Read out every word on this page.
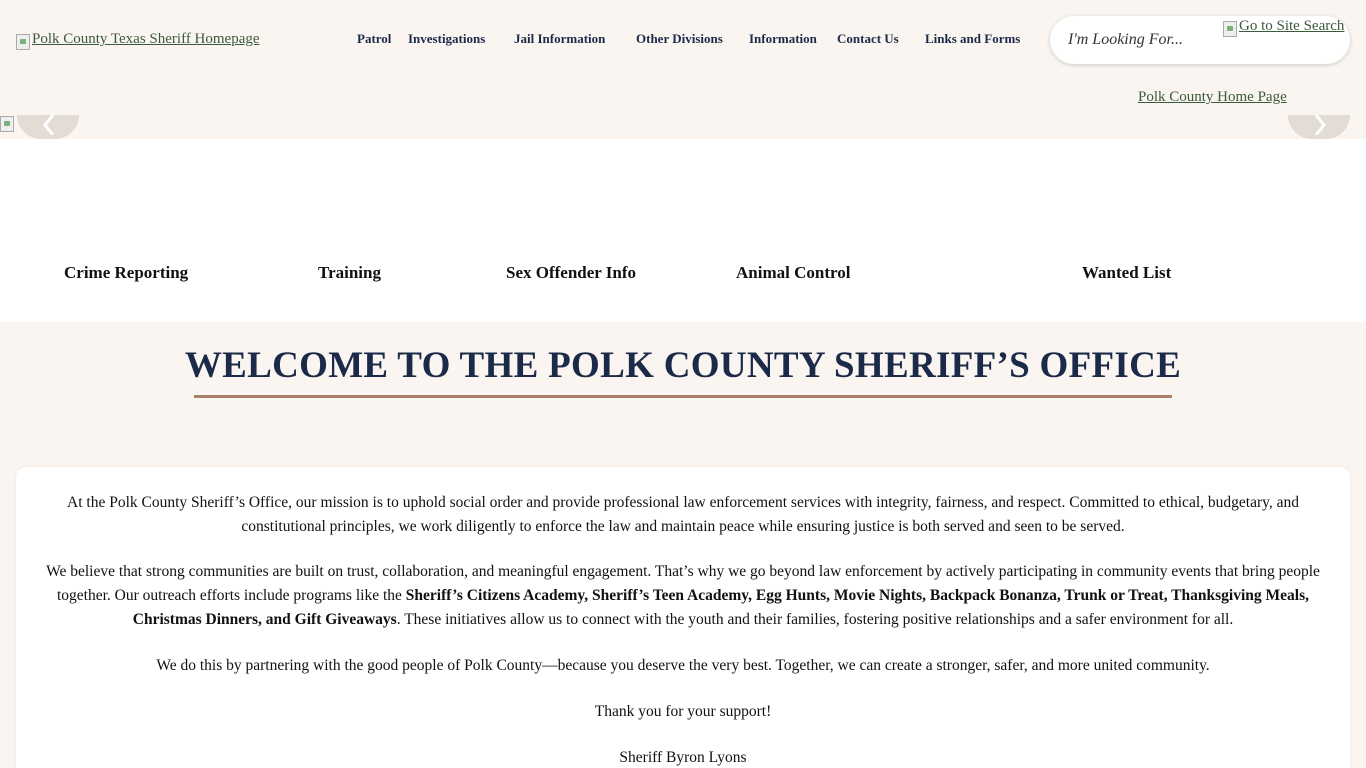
Polk County Texas Sheriff Homepage	Patrol Investigations Jail Information Other Divisions Information Contact Us Links and Forms
I'm Looking For...
Go to Site Search
Polk County Home Page
Crime Reporting	Training	Sex Offender Info	Animal Control	Wanted List
WELCOME TO THE POLK COUNTY SHERIFF’S OFFICE

At the Polk County Sheriff’s Office, our mission is to uphold social order and provide professional law enforcement services with integrity, fairness, and respect. Committed to ethical, budgetary, and constitutional principles, we work diligently to enforce the law and maintain peace while ensuring justice is both served and seen to be served.

We believe that strong communities are built on trust, collaboration, and meaningful engagement. That’s why we go beyond law enforcement by actively participating in community events that bring people together. Our outreach efforts include programs like the Sheriff’s Citizens Academy, Sheriff’s Teen Academy, Egg Hunts, Movie Nights, Backpack Bonanza, Trunk or Treat, Thanksgiving Meals, Christmas Dinners, and Gift Giveaways. These initiatives allow us to connect with the youth and their families, fostering positive relationships and a safer environment for all.

We do this by partnering with the good people of Polk County—because you deserve the very best. Together, we can create a stronger, safer, and more united community.

Thank you for your support!

Sheriff Byron Lyons
